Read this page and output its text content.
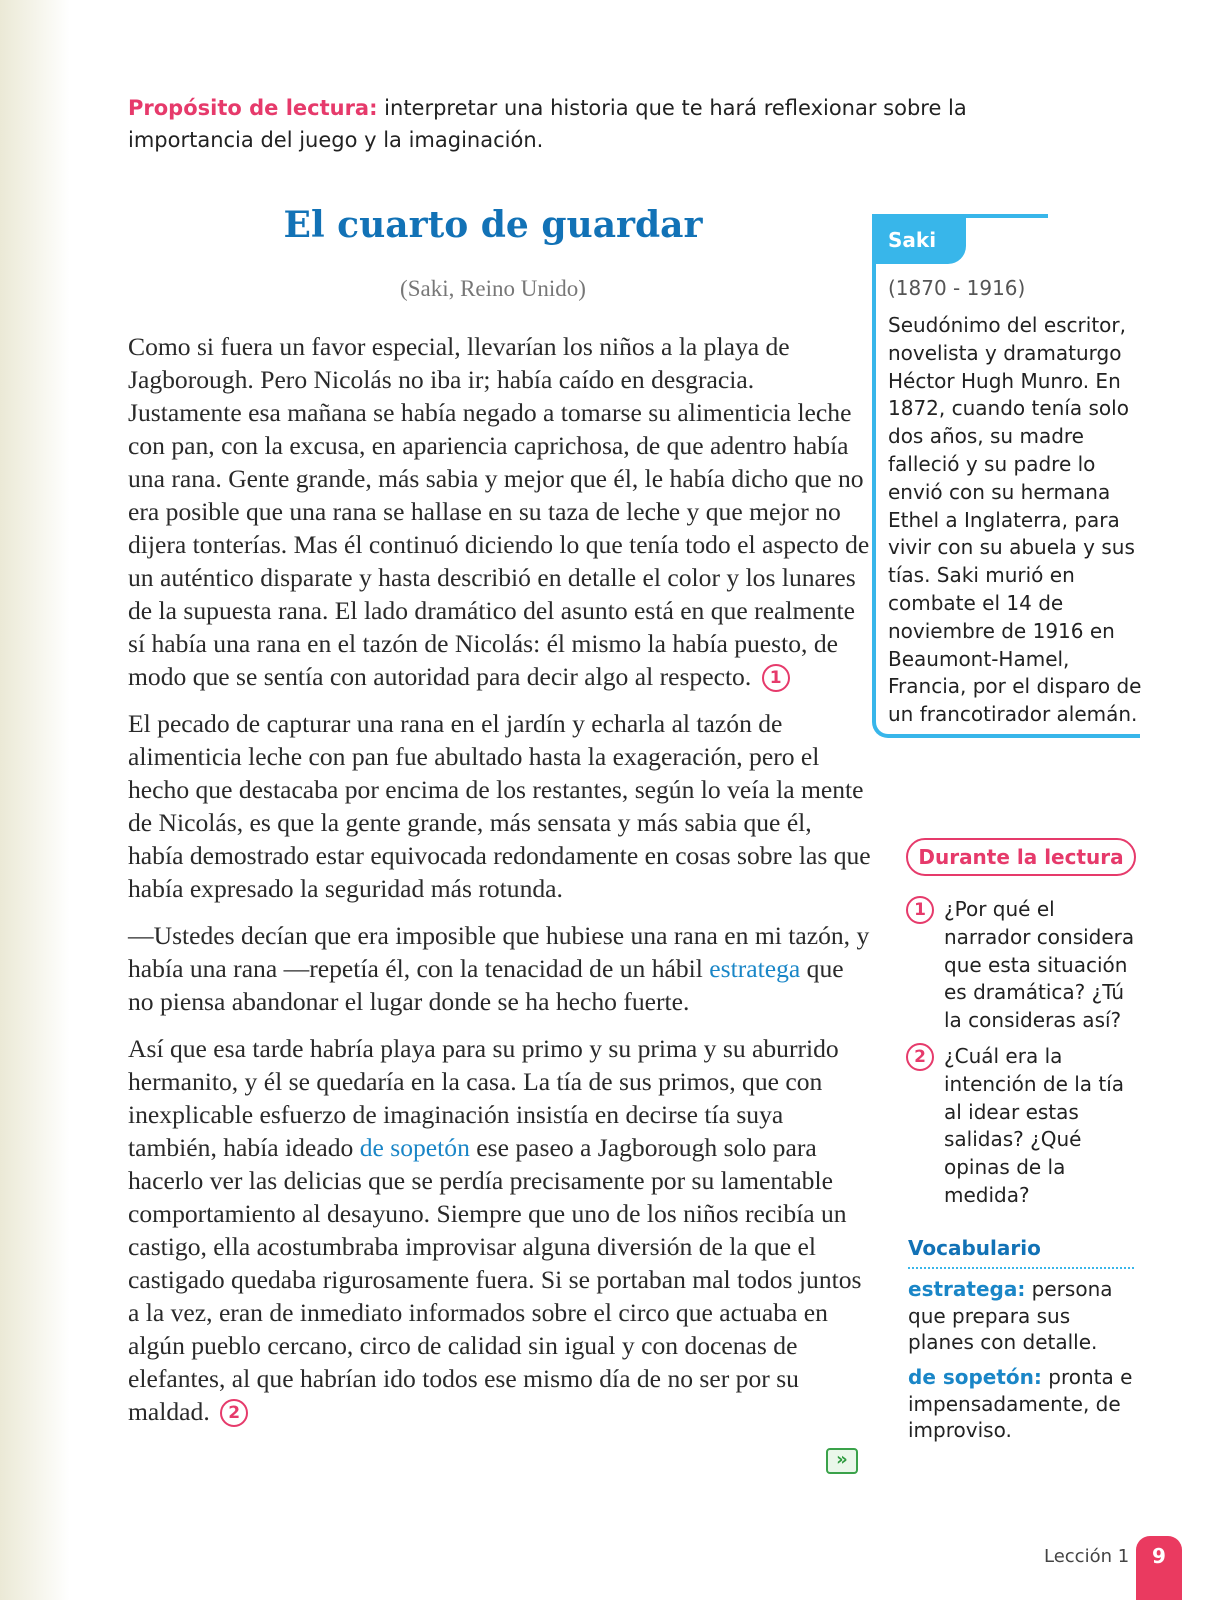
Propósito de lectura: interpretar una historia que te hará reflexionar sobre la importancia del juego y la imaginación.
El cuarto de guardar
(Saki, Reino Unido)

Como si fuera un favor especial, llevarían los niños a la playa de Jagborough. Pero Nicolás no iba ir; había caído en desgracia. Justamente esa mañana se había negado a tomarse su alimenticia leche con pan, con la excusa, en apariencia caprichosa, de que adentro había una rana. Gente grande, más sabia y mejor que él, le había dicho que no era posible que una rana se hallase en su taza de leche y que mejor no dijera tonterías. Mas él continuó diciendo lo que tenía todo el aspecto de un auténtico disparate y hasta describió en detalle el color y los lunares de la supuesta rana. El lado dramático del asunto está en que realmente sí había una rana en el tazón de Nicolás: él mismo la había puesto, de modo que se sentía con autoridad para decir algo al respecto. 1

El pecado de capturar una rana en el jardín y echarla al tazón de alimenticia leche con pan fue abultado hasta la exageración, pero el hecho que destacaba por encima de los restantes, según lo veía la mente de Nicolás, es que la gente grande, más sensata y más sabia que él, había demostrado estar equivocada redondamente en cosas sobre las que había expresado la seguridad más rotunda.

—Ustedes decían que era imposible que hubiese una rana en mi tazón, y había una rana —repetía él, con la tenacidad de un hábil estratega que no piensa abandonar el lugar donde se ha hecho fuerte.

Así que esa tarde habría playa para su primo y su prima y su aburrido hermanito, y él se quedaría en la casa. La tía de sus primos, que con inexplicable esfuerzo de imaginación insistía en decirse tía suya también, había ideado de sopetón ese paseo a Jagborough solo para hacerlo ver las delicias que se perdía precisamente por su lamentable comportamiento al desayuno. Siempre que uno de los niños recibía un castigo, ella acostumbraba improvisar alguna diversión de la que el castigado quedaba rigurosamente fuera. Si se portaban mal todos juntos a la vez, eran de inmediato informados sobre el circo que actuaba en algún pueblo cercano, circo de calidad sin igual y con docenas de elefantes, al que habrían ido todos ese mismo día de no ser por su maldad. 2

»
Saki
(1870 - 1916)
Seudónimo del escritor, novelista y dramaturgo Héctor Hugh Munro. En 1872, cuando tenía solo dos años, su madre falleció y su padre lo envió con su hermana Ethel a Inglaterra, para vivir con su abuela y sus tías. Saki murió en combate el 14 de noviembre de 1916 en Beaumont-Hamel, Francia, por el disparo de un francotirador alemán.
Durante la lectura
1 ¿Por qué el narrador considera que esta situación es dramática? ¿Tú la consideras así?
2 ¿Cuál era la intención de la tía al idear estas salidas? ¿Qué opinas de la medida?
Vocabulario
estratega: persona que prepara sus planes con detalle.
de sopetón: pronta e impensadamente, de improviso.
Lección 1	9
